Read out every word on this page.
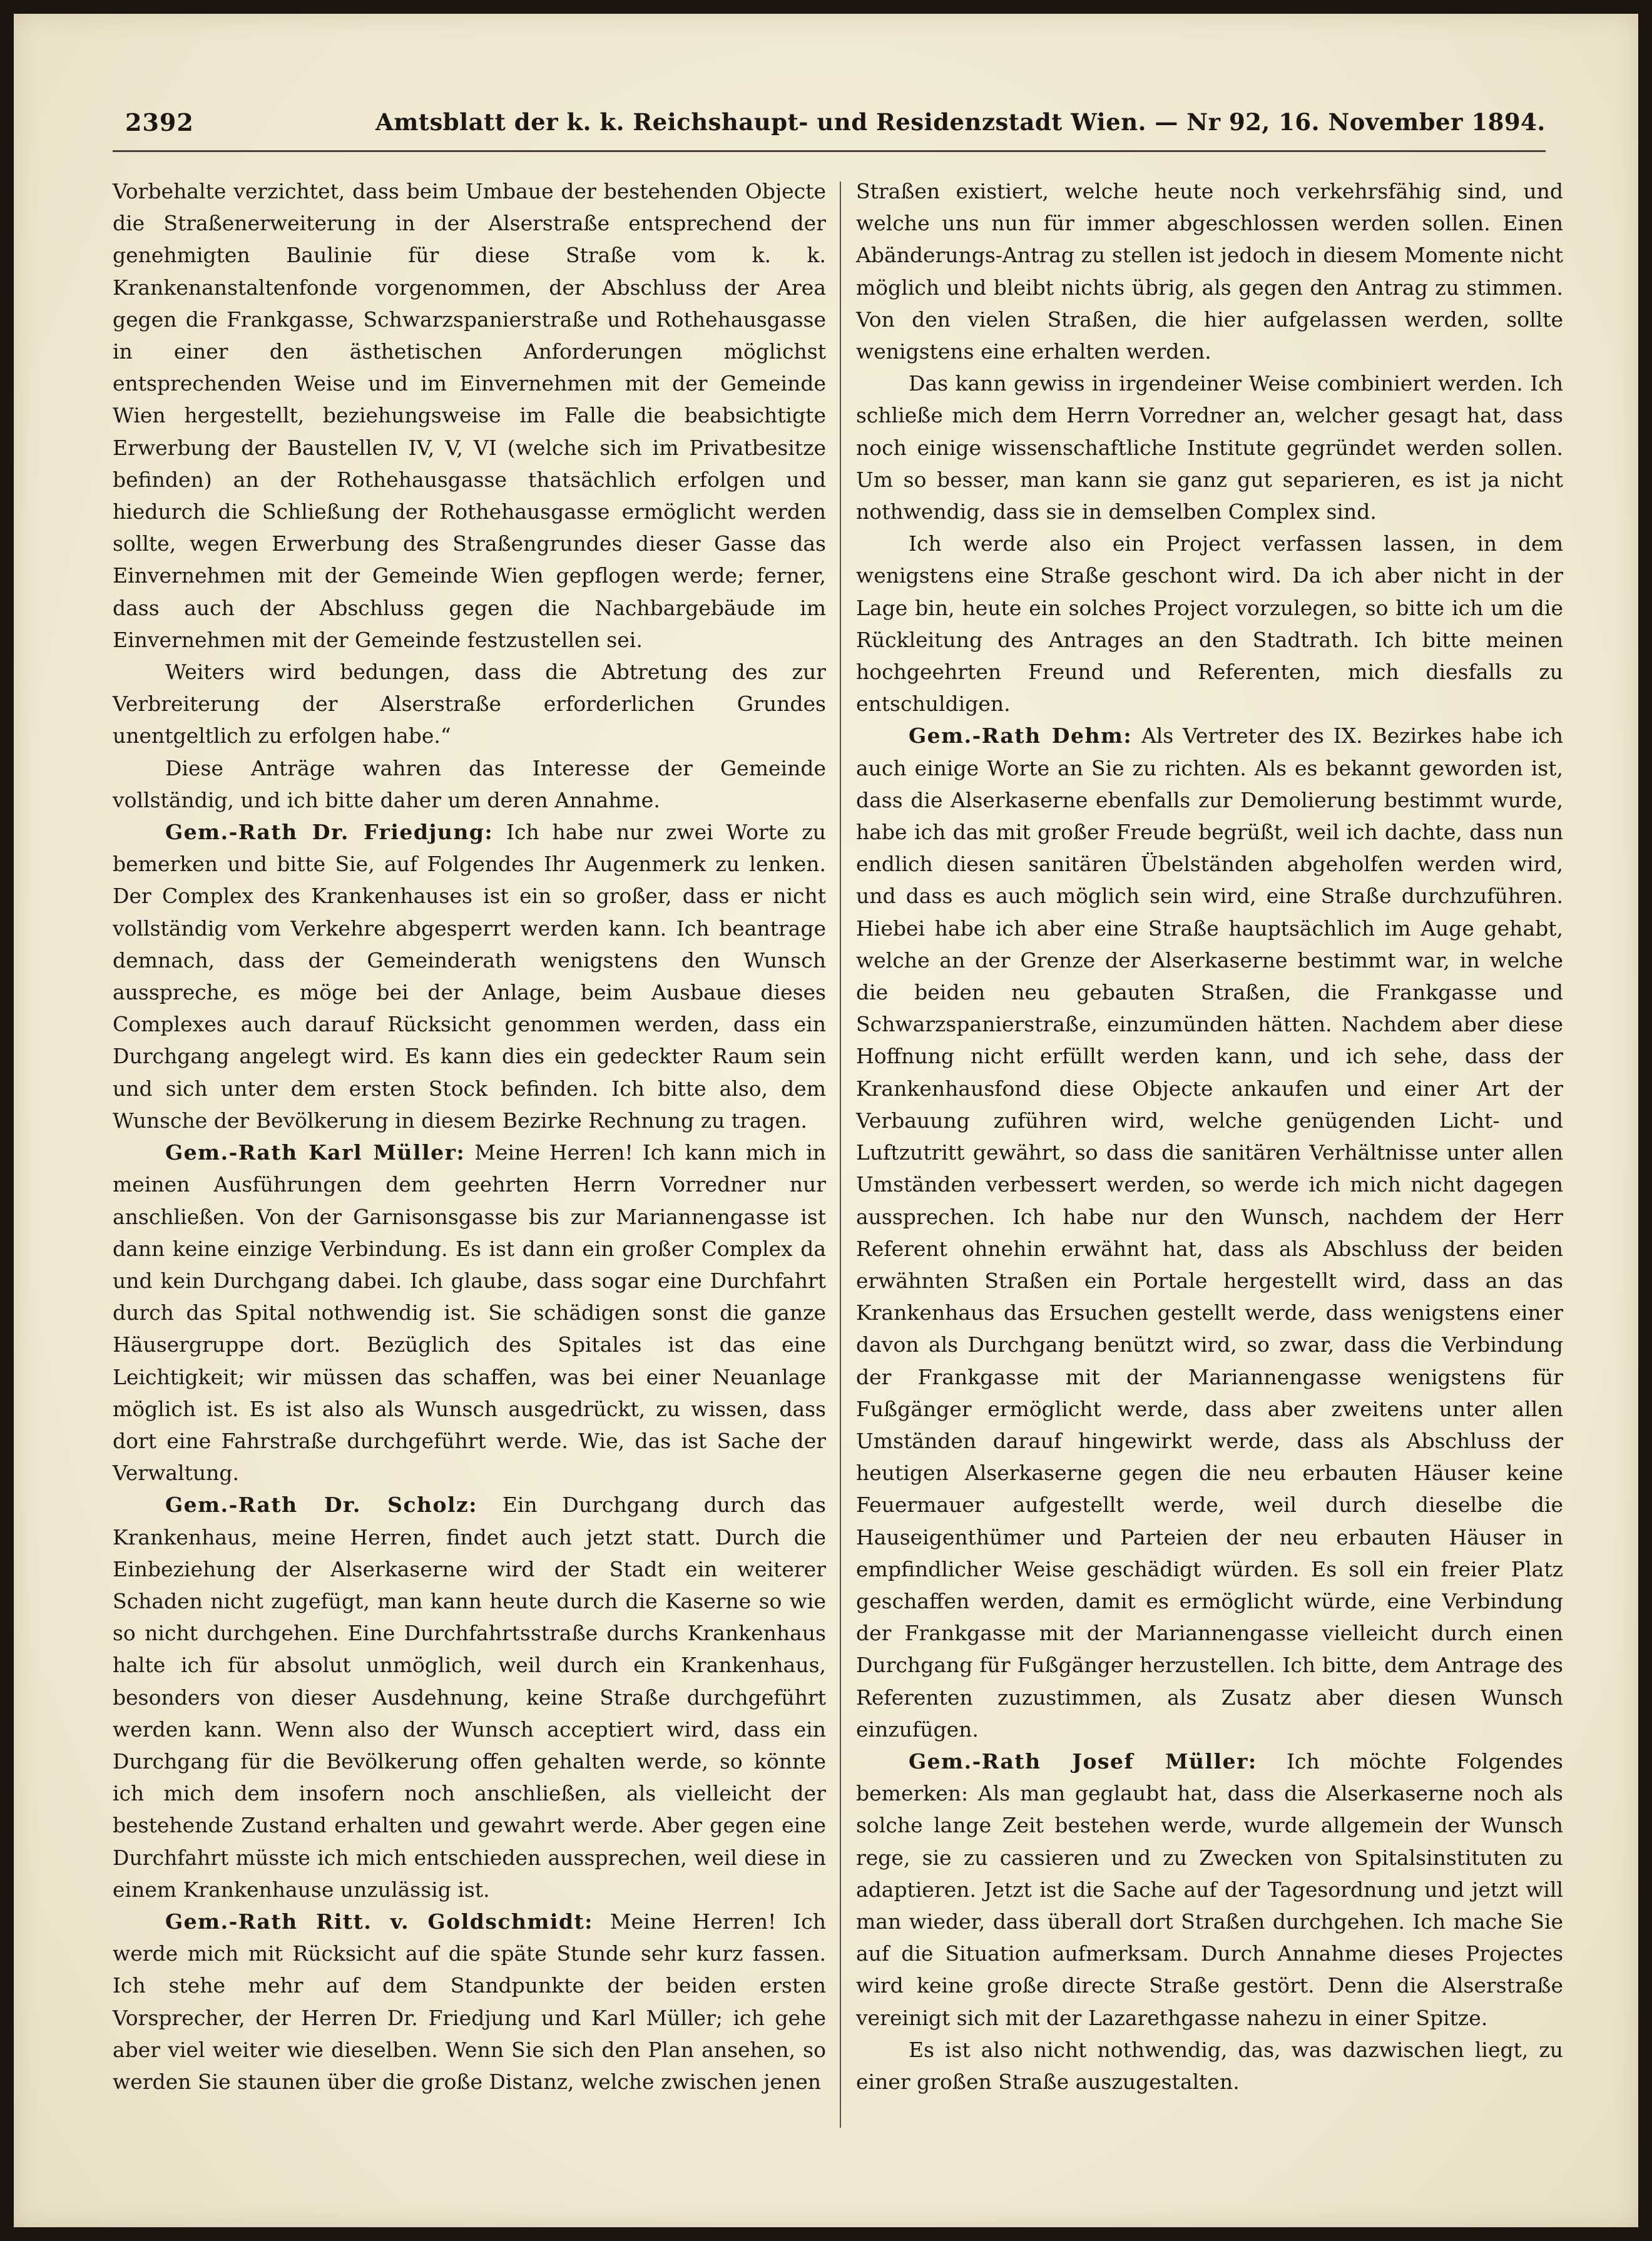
2392	Amtsblatt der k. k. Reichshaupt- und Residenzstadt Wien. — Nr 92, 16. November 1894.

Vorbehalte verzichtet, dass beim Umbaue der bestehenden Objecte die Straßenerweiterung in der Alserstraße entsprechend der genehmigten Baulinie für diese Straße vom k. k. Krankenanstaltenfonde vorgenommen, der Abschluss der Area gegen die Frankgasse, Schwarzspanierstraße und Rothehausgasse in einer den ästhetischen Anforderungen möglichst entsprechenden Weise und im Einvernehmen mit der Gemeinde Wien hergestellt, beziehungsweise im Falle die beabsichtigte Erwerbung der Baustellen IV, V, VI (welche sich im Privatbesitze befinden) an der Rothehausgasse thatsächlich erfolgen und hiedurch die Schließung der Rothehausgasse ermöglicht werden sollte, wegen Erwerbung des Straßengrundes dieser Gasse das Einvernehmen mit der Gemeinde Wien gepflogen werde; ferner, dass auch der Abschluss gegen die Nachbargebäude im Einvernehmen mit der Gemeinde festzustellen sei.

Weiters wird bedungen, dass die Abtretung des zur Verbreiterung der Alserstraße erforderlichen Grundes unentgeltlich zu erfolgen habe.“

Diese Anträge wahren das Interesse der Gemeinde vollständig, und ich bitte daher um deren Annahme.

Gem.-Rath Dr. Friedjung: Ich habe nur zwei Worte zu bemerken und bitte Sie, auf Folgendes Ihr Augenmerk zu lenken. Der Complex des Krankenhauses ist ein so großer, dass er nicht vollständig vom Verkehre abgesperrt werden kann. Ich beantrage demnach, dass der Gemeinderath wenigstens den Wunsch ausspreche, es möge bei der Anlage, beim Ausbaue dieses Complexes auch darauf Rücksicht genommen werden, dass ein Durchgang angelegt wird. Es kann dies ein gedeckter Raum sein und sich unter dem ersten Stock befinden. Ich bitte also, dem Wunsche der Bevölkerung in diesem Bezirke Rechnung zu tragen.

Gem.-Rath Karl Müller: Meine Herren! Ich kann mich in meinen Ausführungen dem geehrten Herrn Vorredner nur anschließen. Von der Garnisonsgasse bis zur Mariannengasse ist dann keine einzige Verbindung. Es ist dann ein großer Complex da und kein Durchgang dabei. Ich glaube, dass sogar eine Durchfahrt durch das Spital nothwendig ist. Sie schädigen sonst die ganze Häusergruppe dort. Bezüglich des Spitales ist das eine Leichtigkeit; wir müssen das schaffen, was bei einer Neuanlage möglich ist. Es ist also als Wunsch ausgedrückt, zu wissen, dass dort eine Fahrstraße durchgeführt werde. Wie, das ist Sache der Verwaltung.

Gem.-Rath Dr. Scholz: Ein Durchgang durch das Krankenhaus, meine Herren, findet auch jetzt statt. Durch die Einbeziehung der Alserkaserne wird der Stadt ein weiterer Schaden nicht zugefügt, man kann heute durch die Kaserne so wie so nicht durchgehen. Eine Durchfahrtsstraße durchs Krankenhaus halte ich für absolut unmöglich, weil durch ein Krankenhaus, besonders von dieser Ausdehnung, keine Straße durchgeführt werden kann. Wenn also der Wunsch acceptiert wird, dass ein Durchgang für die Bevölkerung offen gehalten werde, so könnte ich mich dem insofern noch anschließen, als vielleicht der bestehende Zustand erhalten und gewahrt werde. Aber gegen eine Durchfahrt müsste ich mich entschieden aussprechen, weil diese in einem Krankenhause unzulässig ist.

Gem.-Rath Ritt. v. Goldschmidt: Meine Herren! Ich werde mich mit Rücksicht auf die späte Stunde sehr kurz fassen. Ich stehe mehr auf dem Standpunkte der beiden ersten Vorsprecher, der Herren Dr. Friedjung und Karl Müller; ich gehe aber viel weiter wie dieselben. Wenn Sie sich den Plan ansehen, so werden Sie staunen über die große Distanz, welche zwischen jenen

Straßen existiert, welche heute noch verkehrsfähig sind, und welche uns nun für immer abgeschlossen werden sollen. Einen Abänderungs-Antrag zu stellen ist jedoch in diesem Momente nicht möglich und bleibt nichts übrig, als gegen den Antrag zu stimmen. Von den vielen Straßen, die hier aufgelassen werden, sollte wenigstens eine erhalten werden.

Das kann gewiss in irgendeiner Weise combiniert werden. Ich schließe mich dem Herrn Vorredner an, welcher gesagt hat, dass noch einige wissenschaftliche Institute gegründet werden sollen. Um so besser, man kann sie ganz gut separieren, es ist ja nicht nothwendig, dass sie in demselben Complex sind.

Ich werde also ein Project verfassen lassen, in dem wenigstens eine Straße geschont wird. Da ich aber nicht in der Lage bin, heute ein solches Project vorzulegen, so bitte ich um die Rückleitung des Antrages an den Stadtrath. Ich bitte meinen hochgeehrten Freund und Referenten, mich diesfalls zu entschuldigen.

Gem.-Rath Dehm: Als Vertreter des IX. Bezirkes habe ich auch einige Worte an Sie zu richten. Als es bekannt geworden ist, dass die Alserkaserne ebenfalls zur Demolierung bestimmt wurde, habe ich das mit großer Freude begrüßt, weil ich dachte, dass nun endlich diesen sanitären Übelständen abgeholfen werden wird, und dass es auch möglich sein wird, eine Straße durchzuführen. Hiebei habe ich aber eine Straße hauptsächlich im Auge gehabt, welche an der Grenze der Alserkaserne bestimmt war, in welche die beiden neu gebauten Straßen, die Frankgasse und Schwarzspanierstraße, einzumünden hätten. Nachdem aber diese Hoffnung nicht erfüllt werden kann, und ich sehe, dass der Krankenhausfond diese Objecte ankaufen und einer Art der Verbauung zuführen wird, welche genügenden Licht- und Luftzutritt gewährt, so dass die sanitären Verhältnisse unter allen Umständen verbessert werden, so werde ich mich nicht dagegen aussprechen. Ich habe nur den Wunsch, nachdem der Herr Referent ohnehin erwähnt hat, dass als Abschluss der beiden erwähnten Straßen ein Portale hergestellt wird, dass an das Krankenhaus das Ersuchen gestellt werde, dass wenigstens einer davon als Durchgang benützt wird, so zwar, dass die Verbindung der Frankgasse mit der Mariannengasse wenigstens für Fußgänger ermöglicht werde, dass aber zweitens unter allen Umständen darauf hingewirkt werde, dass als Abschluss der heutigen Alserkaserne gegen die neu erbauten Häuser keine Feuermauer aufgestellt werde, weil durch dieselbe die Hauseigenthümer und Parteien der neu erbauten Häuser in empfindlicher Weise geschädigt würden. Es soll ein freier Platz geschaffen werden, damit es ermöglicht würde, eine Verbindung der Frankgasse mit der Mariannengasse vielleicht durch einen Durchgang für Fußgänger herzustellen. Ich bitte, dem Antrage des Referenten zuzustimmen, als Zusatz aber diesen Wunsch einzufügen.

Gem.-Rath Josef Müller: Ich möchte Folgendes bemerken: Als man geglaubt hat, dass die Alserkaserne noch als solche lange Zeit bestehen werde, wurde allgemein der Wunsch rege, sie zu cassieren und zu Zwecken von Spitalsinstituten zu adaptieren. Jetzt ist die Sache auf der Tagesordnung und jetzt will man wieder, dass überall dort Straßen durchgehen. Ich mache Sie auf die Situation aufmerksam. Durch Annahme dieses Projectes wird keine große directe Straße gestört. Denn die Alserstraße vereinigt sich mit der Lazarethgasse nahezu in einer Spitze.

Es ist also nicht nothwendig, das, was dazwischen liegt, zu einer großen Straße auszugestalten.
